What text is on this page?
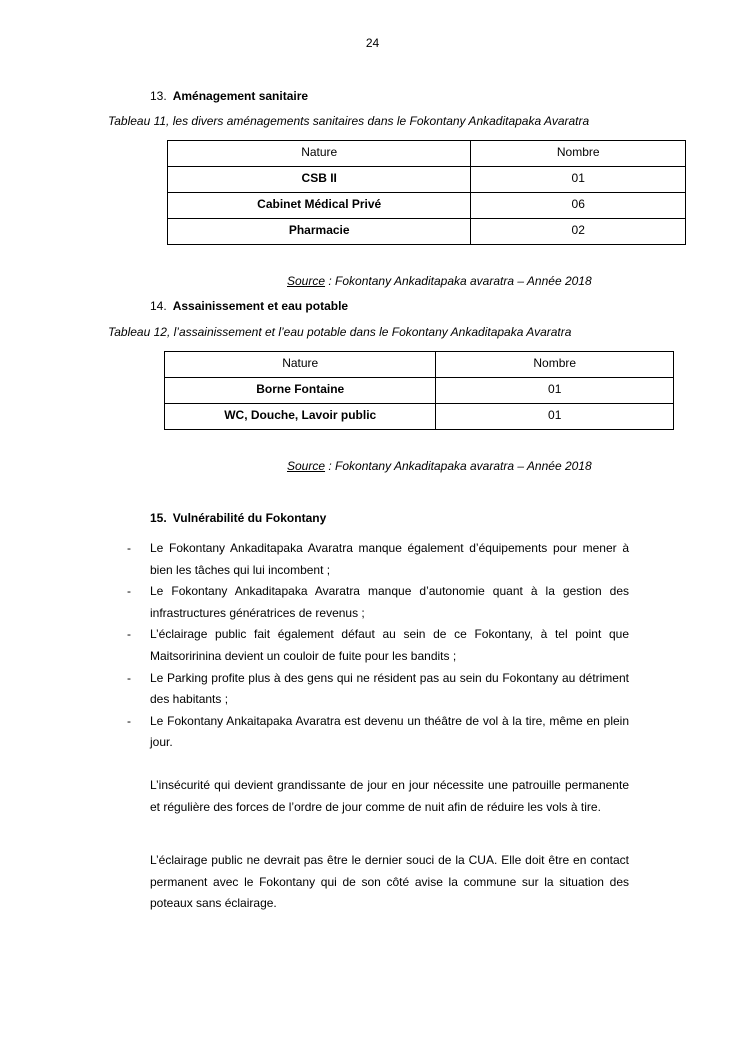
24
13. Aménagement sanitaire
Tableau 11, les divers aménagements sanitaires dans le Fokontany Ankaditapaka Avaratra
Nature	Nombre
CSB II	01
Cabinet Médical Privé	06
Pharmacie	02
Source : Fokontany Ankaditapaka avaratra – Année 2018
14. Assainissement et eau potable
Tableau 12, l’assainissement et l’eau potable dans le Fokontany Ankaditapaka Avaratra
Nature	Nombre
Borne Fontaine	01
WC, Douche, Lavoir public	01
Source : Fokontany Ankaditapaka avaratra – Année 2018
15. Vulnérabilité du Fokontany
- Le Fokontany Ankaditapaka Avaratra manque également d’équipements pour mener à bien les tâches qui lui incombent ;
- Le Fokontany Ankaditapaka Avaratra manque d’autonomie quant à la gestion des infrastructures génératrices de revenus ;
- L’éclairage public fait également défaut au sein de ce Fokontany, à tel point que Maitsoririnina devient un couloir de fuite pour les bandits ;
- Le Parking profite plus à des gens qui ne résident pas au sein du Fokontany au détriment des habitants ;
- Le Fokontany Ankaitapaka Avaratra est devenu un théâtre de vol à la tire, même en plein jour.
L’insécurité qui devient grandissante de jour en jour nécessite une patrouille permanente et régulière des forces de l’ordre de jour comme de nuit afin de réduire les vols à tire.
L’éclairage public ne devrait pas être le dernier souci de la CUA. Elle doit être en contact permanent avec le Fokontany qui de son côté avise la commune sur la situation des poteaux sans éclairage.
